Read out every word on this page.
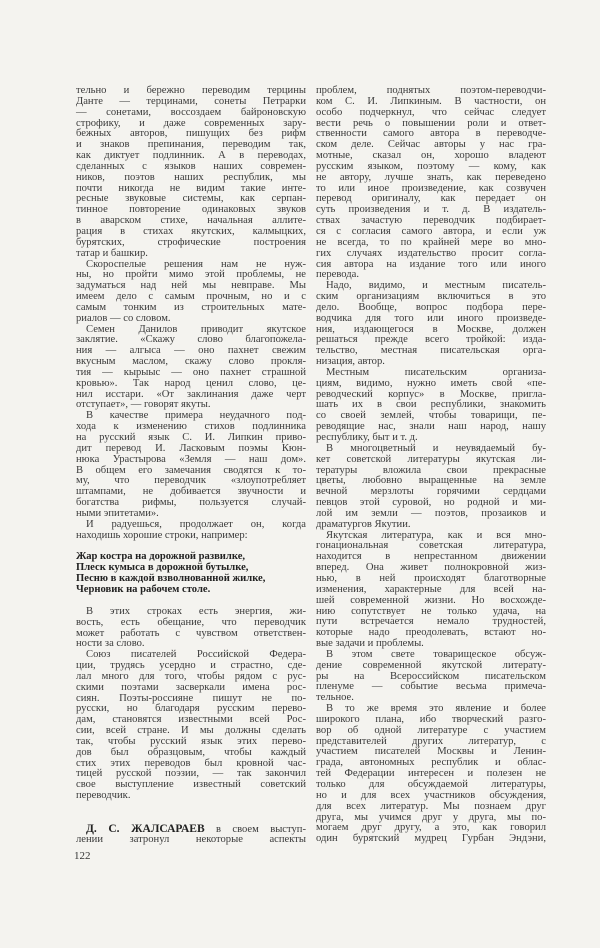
тельно и бережно переводим терцины
Данте — терцинами, сонеты Петрарки
— сонетами, воссоздаем байроновскую
строфику, и даже современных зару-
бежных авторов, пишущих без рифм
и знаков препинания, переводим так,
как диктует подлинник. А в переводах,
сделанных с языков наших современ-
ников, поэтов наших республик, мы
почти никогда не видим такие инте-
ресные звуковые системы, как серпан-
тинное повторение одинаковых звуков
в аварском стихе, начальная аллите-
рация в стихах якутских, калмыцких,
бурятских, строфические построения
татар и башкир.
Скороспелые решения нам не нуж-
ны, но пройти мимо этой проблемы, не
задуматься над ней мы невправе. Мы
имеем дело с самым прочным, но и с
самым тонким из строительных мате-
риалов — со словом.
Семен Данилов приводит якутское
заклятие. «Скажу слово благопожела-
ния — алгыса — оно пахнет свежим
вкусным маслом, скажу слово прокля-
тия — кырыыс — оно пахнет страшной
кровью». Так народ ценил слово, це-
нил исстари. «От заклинания даже черт
отступает», — говорят якуты.
В качестве примера неудачного под-
хода к изменению стихов подлинника
на русский язык С. И. Липкин приво-
дит перевод И. Ласковым поэмы Кюн-
нюка Урастырова «Земля — наш дом».
В общем его замечания сводятся к то-
му, что переводчик «злоупотребляет
штампами, не добивается звучности и
богатства рифмы, пользуется случай-
ными эпитетами».
И радуешься, продолжает он, когда
находишь хорошие строки, например:
Жар костра на дорожной развилке,
Плеск кумыса в дорожной бутылке,
Песню в каждой взволнованной жилке,
Черновик на рабочем столе.
В этих строках есть энергия, жи-
вость, есть обещание, что переводчик
может работать с чувством ответствен-
ности за слово.
Союз писателей Российской Федера-
ции, трудясь усердно и страстно, сде-
лал много для того, чтобы рядом с рус-
скими поэтами засверкали имена рос-
сиян. Поэты-россияне пишут не по-
русски, но благодаря русским перево-
дам, становятся известными всей Рос-
сии, всей стране. И мы должны сделать
так, чтобы русский язык этих перево-
дов был образцовым, чтобы каждый
стих этих переводов был кровной час-
тицей русской поэзии, — так закончил
свое выступление известный советский
переводчик.
Д. С. ЖАЛСАРАЕВ в своем выступ-
лении затронул некоторые аспекты
проблем, поднятых поэтом-переводчи-
ком С. И. Липкиным. В частности, он
особо подчеркнул, что сейчас следует
вести речь о повышении роли и ответ-
ственности самого автора в переводче-
ском деле. Сейчас авторы у нас гра-
мотные, сказал он, хорошо владеют
русским языком, поэтому — кому, как
не автору, лучше знать, как переведено
то или иное произведение, как созвучен
перевод оригиналу, как передает он
суть произведения и т. д. В издатель-
ствах зачастую переводчик подбирает-
ся с согласия самого автора, и если уж
не всегда, то по крайней мере во мно-
гих случаях издательство просит согла-
сия автора на издание того или иного
перевода.
Надо, видимо, и местным писатель-
ским организациям включиться в это
дело. Вообще, вопрос подбора пере-
водчика для того или иного произведе-
ния, издающегося в Москве, должен
решаться прежде всего тройкой: изда-
тельство, местная писательская орга-
низация, автор.
Местным писательским организа-
циям, видимо, нужно иметь свой «пе-
реводческий корпус» в Москве, пригла-
шать их в свои республики, знакомить
со своей землей, чтобы товарищи, пе-
реводящие нас, знали наш народ, нашу
республику, быт и т. д.
В многоцветный и неувядаемый бу-
кет советской литературы якутская ли-
тературы вложила свои прекрасные
цветы, любовно выращенные на земле
вечной мерзлоты горячими сердцами
певцов этой суровой, но родной и ми-
лой им земли — поэтов, прозаиков и
драматургов Якутии.
Якутская литература, как и вся мно-
гонациональная советская литература,
находится в непрестанном движении
вперед. Она живет полнокровной жиз-
нью, в ней происходят благотворные
изменения, характерные для всей на-
шей современной жизни. Но восхожде-
нию сопутствует не только удача, на
пути встречается немало трудностей,
которые надо преодолевать, встают но-
вые задачи и проблемы.
В этом свете товарищеское обсуж-
дение современной якутской литерату-
ры на Всероссийском писательском
пленуме — событие весьма примеча-
тельное.
В то же время это явление и более
широкого плана, ибо творческий разго-
вор об одной литературе с участием
представителей других литератур, с
участием писателей Москвы и Ленин-
града, автономных республик и облас-
тей Федерации интересен и полезен не
только для обсуждаемой литературы,
но и для всех участников обсуждения,
для всех литератур. Мы познаем друг
друга, мы учимся друг у друга, мы по-
могаем друг другу, а это, как говорил
один бурятский мудрец Гурбан Эндэни,
122
